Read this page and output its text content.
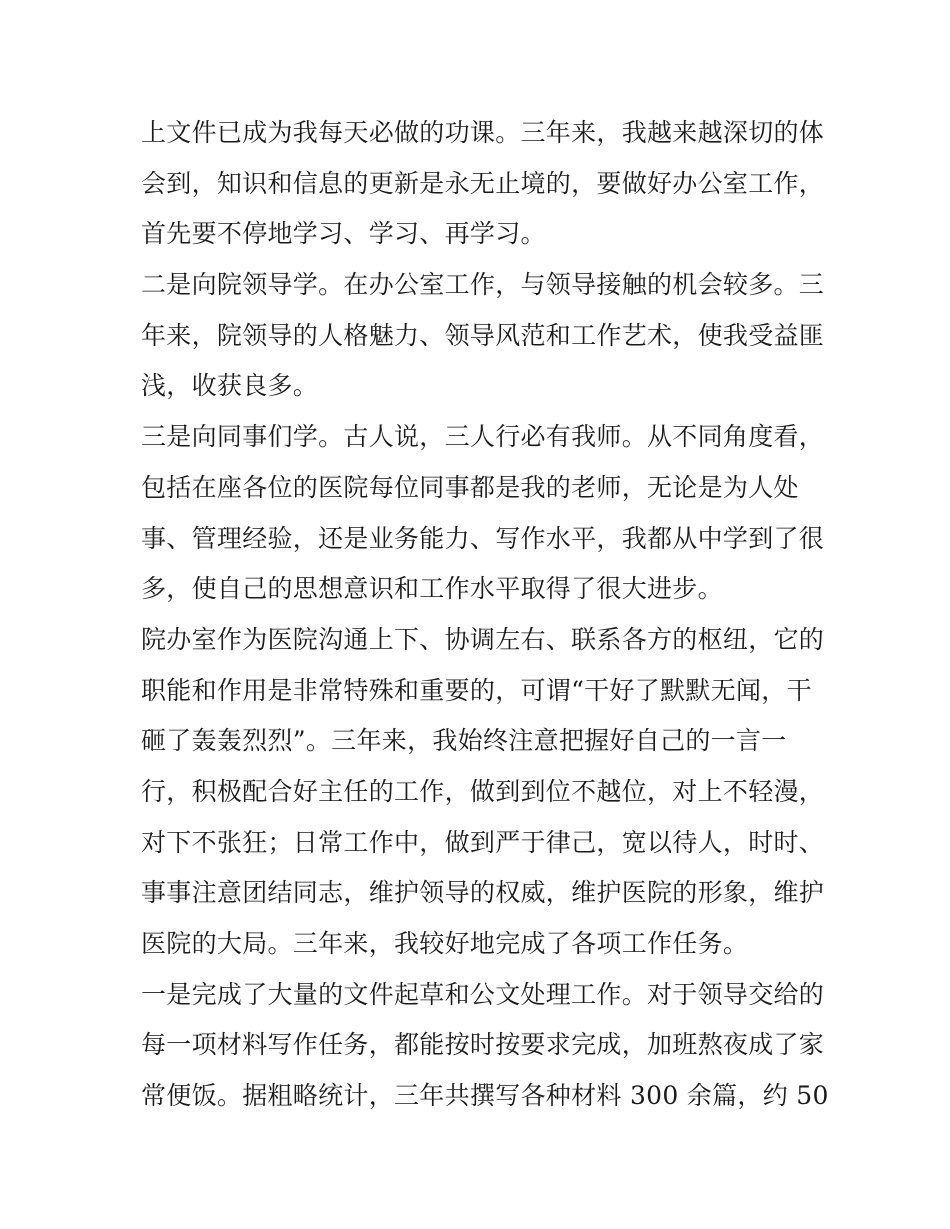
上文件已成为我每天必做的功课。三年来，我越来越深切的体
会到，知识和信息的更新是永无止境的，要做好办公室工作，
首先要不停地学习、学习、再学习。
二是向院领导学。在办公室工作，与领导接触的机会较多。三
年来，院领导的人格魅力、领导风范和工作艺术，使我受益匪
浅，收获良多。
三是向同事们学。古人说，三人行必有我师。从不同角度看，
包括在座各位的医院每位同事都是我的老师，无论是为人处
事、管理经验，还是业务能力、写作水平，我都从中学到了很
多，使自己的思想意识和工作水平取得了很大进步。
院办室作为医院沟通上下、协调左右、联系各方的枢纽，它的
职能和作用是非常特殊和重要的，可谓“干好了默默无闻，干
砸了轰轰烈烈”。三年来，我始终注意把握好自己的一言一
行，积极配合好主任的工作，做到到位不越位，对上不轻漫，
对下不张狂；日常工作中，做到严于律己，宽以待人，时时、
事事注意团结同志，维护领导的权威，维护医院的形象，维护
医院的大局。三年来，我较好地完成了各项工作任务。
一是完成了大量的文件起草和公文处理工作。对于领导交给的
每一项材料写作任务，都能按时按要求完成，加班熬夜成了家
常便饭。据粗略统计，三年共撰写各种材料 300 余篇，约 50
